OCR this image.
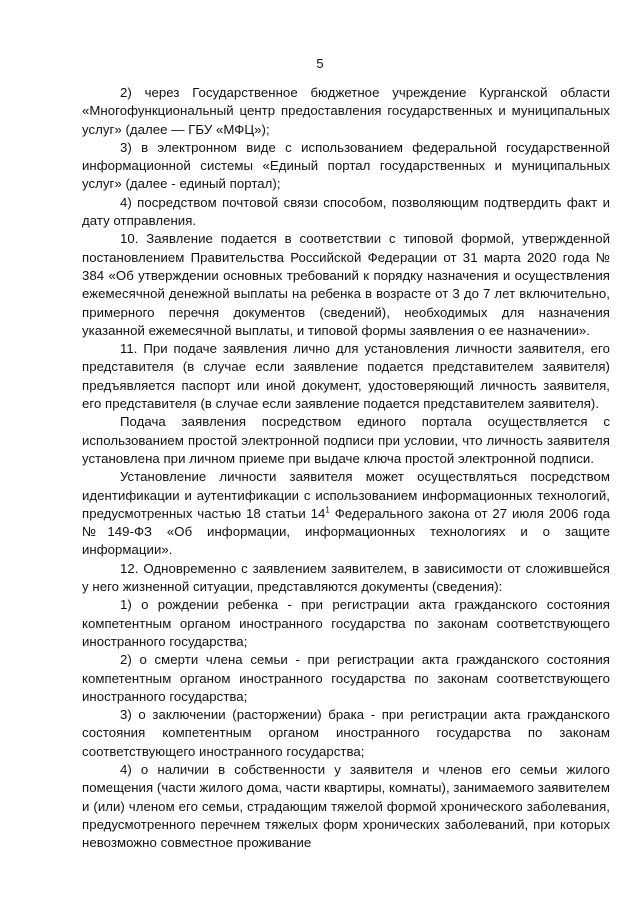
5

2) через Государственное бюджетное учреждение Курганской области «Многофункциональный центр предоставления государственных и муниципальных услуг» (далее — ГБУ «МФЦ»);

3) в электронном виде с использованием федеральной государственной информационной системы «Единый портал государственных и муниципальных услуг» (далее - единый портал);

4) посредством почтовой связи способом, позволяющим подтвердить факт и дату отправления.

10. Заявление подается в соответствии с типовой формой, утвержденной постановлением Правительства Российской Федерации от 31 марта 2020 года № 384 «Об утверждении основных требований к порядку назначения и осуществления ежемесячной денежной выплаты на ребенка в возрасте от 3 до 7 лет включительно, примерного перечня документов (сведений), необходимых для назначения указанной ежемесячной выплаты, и типовой формы заявления о ее назначении».

11. При подаче заявления лично для установления личности заявителя, его представителя (в случае если заявление подается представителем заявителя) предъявляется паспорт или иной документ, удостоверяющий личность заявителя, его представителя (в случае если заявление подается представителем заявителя).

Подача заявления посредством единого портала осуществляется с использованием простой электронной подписи при условии, что личность заявителя установлена при личном приеме при выдаче ключа простой электронной подписи.

Установление личности заявителя может осуществляться посредством идентификации и аутентификации с использованием информационных технологий, предусмотренных частью 18 статьи $14^1$ Федерального закона от 27 июля 2006 года №149-ФЗ «Об информации, информационных технологиях и о защите информации».

12. Одновременно с заявлением заявителем, в зависимости от сложившейся у него жизненной ситуации, представляются документы (сведения):

1) о рождении ребенка - при регистрации акта гражданского состояния компетентным органом иностранного государства по законам соответствующего иностранного государства;

2) о смерти члена семьи - при регистрации акта гражданского состояния компетентным органом иностранного государства по законам соответствующего иностранного государства;

3) о заключении (расторжении) брака - при регистрации акта гражданского состояния компетентным органом иностранного государства по законам соответствующего иностранного государства;

4) о наличии в собственности у заявителя и членов его семьи жилого помещения (части жилого дома, части квартиры, комнаты), занимаемого заявителем и (или) членом его семьи, страдающим тяжелой формой хронического заболевания, предусмотренного перечнем тяжелых форм хронических заболеваний, при которых невозможно совместное проживание
